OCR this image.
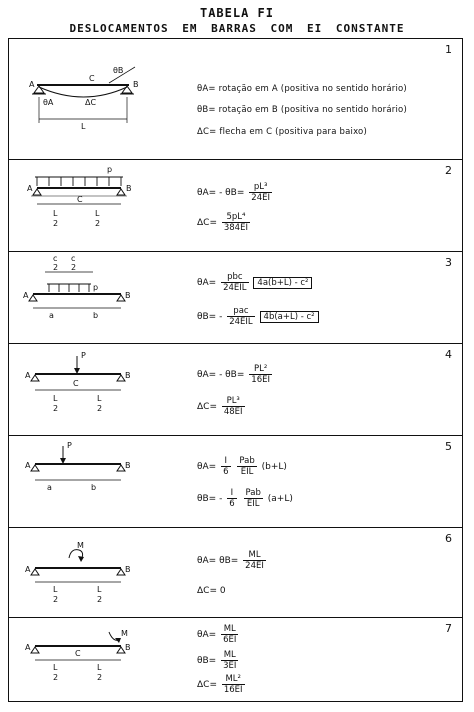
TABELA FI
DESLOCAMENTOS EM BARRAS COM EI CONSTANTE
1
A	B
C
θB
θA	ΔC
L
θA= rotação em A (positiva no sentido horário)
θB= rotação em B (positiva no sentido horário)
ΔC= flecha em C (positiva para baixo)
2
A
C
B
p
L
2
L
2
$\theta A= - \theta B= \frac{\text{pL³}}{24EI}$
$\Delta C= \frac{\text{5pL⁴}}{384EI}$
3
c
2
c
2
A	B
p
a	b
$\theta A= \frac{\text{pbc}}{\text{24EIL}} 4a(b+L) - c^2$
$\theta B= - \frac{\text{pac}}{\text{24EIL}} 4b(a+L) - c^2$
4
P
A
C
B
L
2
L
2
$\theta A= - \theta B= \frac{\text{PL²}}{16EI}$
$\Delta C= \frac{\text{PL³}}{48EI}$
5
P
A	B
a	b
$\theta A= \frac{I}{6}$
$\frac{\text{Pab}}{\text{EIL}} (b+L)$
$\theta B= - \frac{I}{6}$
$\frac{\text{Pab}}{\text{EIL}} (a+L)$
6
M
A	B
L
2
L
2
$\theta A= \theta B= \frac{ML}{24EI}$
ΔC= 0
7
M
A
C
B
L
2
L
2
$\theta A= \frac{ML}{6EI}$
$\theta B= \frac{ML}{3EI}$
$\Delta C= \frac{\text{ML²}}{16EI}$
